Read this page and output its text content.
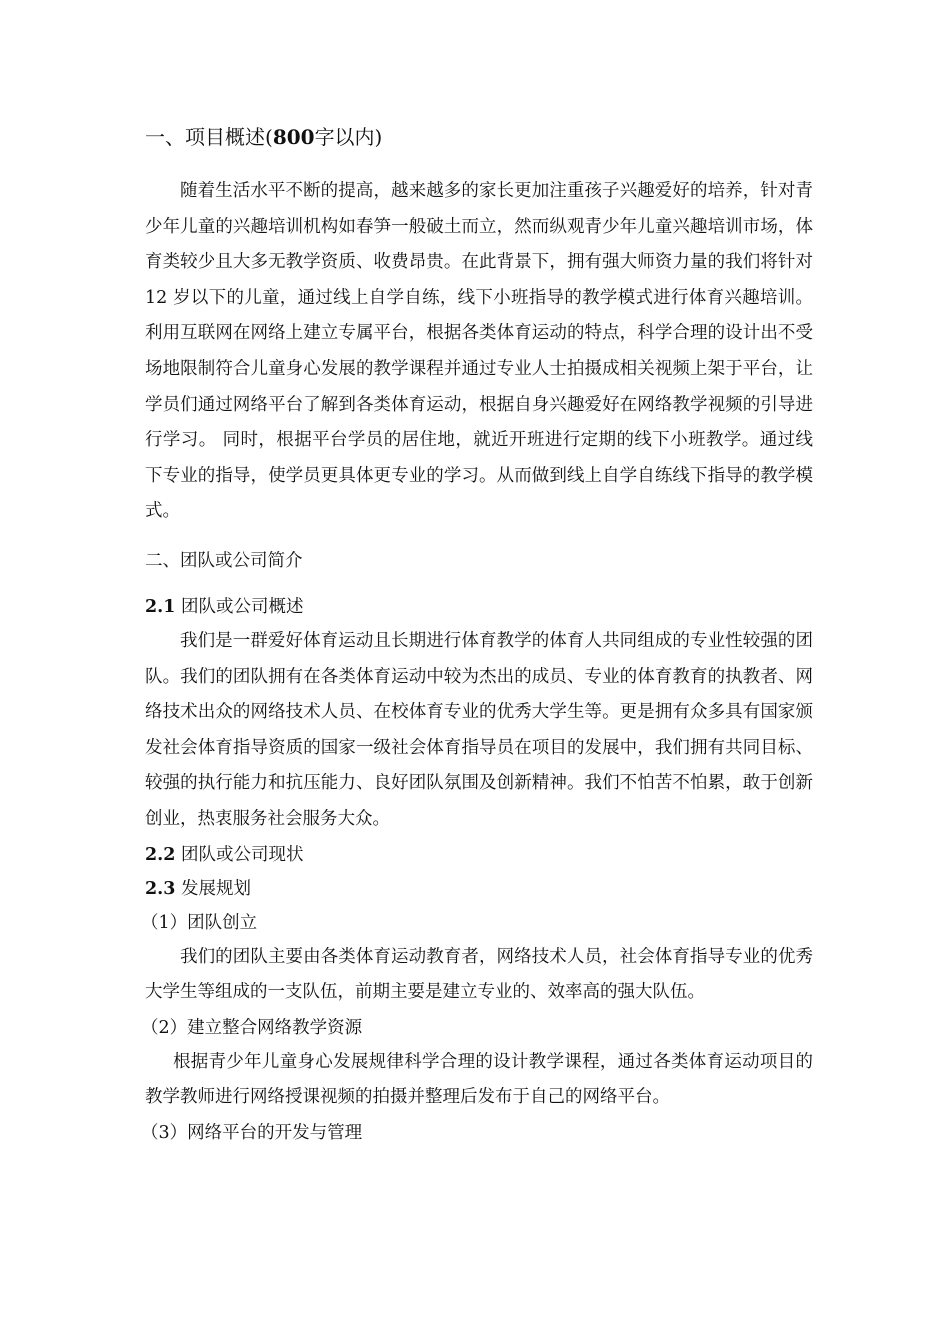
一、项目概述(800字以内)

随着生活水平不断的提高，越来越多的家长更加注重孩子兴趣爱好的培养，针对青少年儿童的兴趣培训机构如春笋一般破土而立，然而纵观青少年儿童兴趣培训市场，体育类较少且大多无教学资质、收费昂贵。在此背景下，拥有强大师资力量的我们将针对 12 岁以下的儿童，通过线上自学自练，线下小班指导的教学模式进行体育兴趣培训。利用互联网在网络上建立专属平台，根据各类体育运动的特点，科学合理的设计出不受场地限制符合儿童身心发展的教学课程并通过专业人士拍摄成相关视频上架于平台，让学员们通过网络平台了解到各类体育运动，根据自身兴趣爱好在网络教学视频的引导进行学习。 同时，根据平台学员的居住地，就近开班进行定期的线下小班教学。通过线下专业的指导，使学员更具体更专业的学习。从而做到线上自学自练线下指导的教学模式。

二、团队或公司简介
2.1 团队或公司概述

我们是一群爱好体育运动且长期进行体育教学的体育人共同组成的专业性较强的团队。我们的团队拥有在各类体育运动中较为杰出的成员、专业的体育教育的执教者、网络技术出众的网络技术人员、在校体育专业的优秀大学生等。更是拥有众多具有国家颁发社会体育指导资质的国家一级社会体育指导员在项目的发展中，我们拥有共同目标、较强的执行能力和抗压能力、良好团队氛围及创新精神。我们不怕苦不怕累，敢于创新创业，热衷服务社会服务大众。

2.2 团队或公司现状
2.3 发展规划
（1）团队创立

我们的团队主要由各类体育运动教育者，网络技术人员，社会体育指导专业的优秀大学生等组成的一支队伍，前期主要是建立专业的、效率高的强大队伍。

（2）建立整合网络教学资源

根据青少年儿童身心发展规律科学合理的设计教学课程，通过各类体育运动项目的教学教师进行网络授课视频的拍摄并整理后发布于自己的网络平台。

（3）网络平台的开发与管理
